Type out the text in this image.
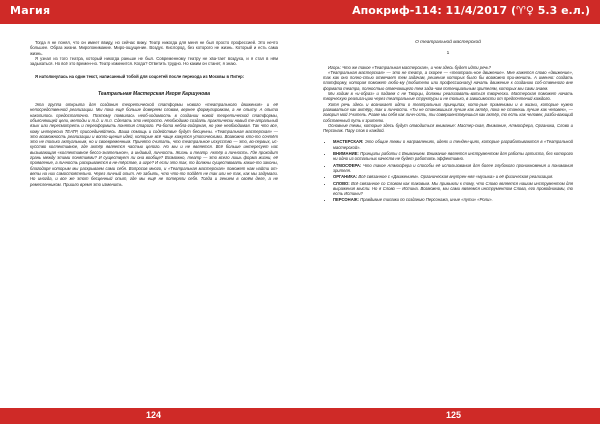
Магия	Апокриф-114: 11/4/2017 (♈♀ 5.3 е.л.)

Тогда я не понял, что он имеет ввиду, но сейчас вижу. Театр никогда для меня не был просто профессией. Это нечто большее. Образ жизни. Миропонимание. Миро-ощущение. Воздух. Кислород, без которого не жизнь. Который и есть сама жизнь.

Я узнал из того театра, который никогда раньше не был. Современному театру не хва-тает воздуха, и я стал в нём задыхаться. Но всё это времен-но. Театр изменится. Когда? Ответить трудно. Но каким он станет, я знаю.

Я натолкнулась на один текст, написанный тобой для соцсетей после перехода из Москвы в Питер:

Театральная Мастерская Игоря Каршунова

Эта группа открыта для создания теоретической платформы нового «театрального движения» и её непосредственной реализации. Мы пока ещё больше доверяем словам, вернее формулировкам, а не опыту. А опыта накопилось предостаточно. Поэтому появилась необ-ходимость в создании новой теоретической платформы, объясняющей цели, методы и т.д. и т.п. Сделать это непросто. Необходимо создать практически новый те-атральный язык или пересмотреть и переоформить понятия старого. Ра-бота небла-годарная, но уже необходимая. Так что все, кому интересна ТЕАТР, присоединяйтесь. Ваша помощь и содействие будут бесценны. «Театральная мастерская» — это возможность реализации и вопло-щения идей, которые всё чаще кажутся утопическими. Возможно кто-то сочтёт это не только актуальным, но и своевременным. Принято считать, что театральное искусство — это, во-первых, ис-кусство коллективное, где актёр является частью целого. Но мы и не является. Всё больше интересует нас вызывающая «коллективное бессо-знательное», а индивид, личность. Жизнь и театр. Актёр и личность. Где проходит грань между этими понятиями? И существует ли она вообще? Возможно, театр — это всего лишь форма жизни, её проявление, а личность раскрывается в не-тёрстве, а игре? И если это так, то должны существовать какие-то законы, благодаря которым мы раскрываем сами себя. Вопросов много, и «Театральная мастерская» поможет нам найти от-веты на них самостоятельно. Через личный опыт. Не забыть, что что-то пойдёт не так или не так, как мы задумали. Но иногда, и все же этот бесценный опыт, где мы ещё не потеряли себя. Тогда и гением в своём деле, а не ремесленником. Пришло время это изменить.

О театральной мастерской
1

Игорь: Что же такое «Театральная мастерская», и чем здесь будет идти речь?

«Театральная мастерская» — это не театр, а скорее — «театраль-ное движение». Мне кажется слово «движение», так как оно полно-стью отвечает тем задачам, решение которых было бы возможно при-менить. А именно: создать платформу, которая поможет любо-му (любителю или профессионалу) начать движение к созданию соб-ственного вне формата театра, полностью отвечающего тем зада-чам потенциальным зрителям, которых мы сами знаем.

Мы ходим в «и-образ» и падаем с не Творцы, должны реализовать-ваться творчески. Мастерская поможет начать творческую реализа-цию через театральные структуры и не только, в зависимости от предпочтений каждого.

Хотя речь здесь и возникает идти о театральных принципах, кото-рые применимы и в жизни, которые нужно развиваться как актёру, так и личности. «Ты не становишься лучше как актёр, пока не станешь лучше как человек», — говорил мой Учитель. Разве мы себя как личн-ость, ты совершенствуешься как актёр, то есть как человек, разби-вающий собственный путь к зрителю.

Основные темы, которые здесь будут отводиться внимание: Мастер-ская, Внимание, Атмосфера, Органика, Слово и Персонаж. Пару слов о каждой.

• МАСТЕРСКАЯ: Это общие темы о направлениях, идеях и тенден-циях, которые разрабатываются в «Театральной мастерской».
• ВНИМАНИЕ: Принципы работы с Вниманием. Внимание является инструментом для работы артиста, без которого ни одно из остальных качеств не будет работать эффективно.
• АТМОСФЕРА: Что такое Атмосфера и способы её использования для более глубокого проникновения и понимания зрителя.
• ОРГАНИКА: Всё связанное с «Движением». Органическая внутрен-няя «музыка» и её физическая реализация.
• СЛОВО: Всё связанное со Словом как таковым. Мы привыкли к тому, что Слово является нашим инструментом для выражения мысли. Но я Слово — Истина. Возможно, мы сами являемся инструментом Слова, его проводниками, то есть Истины?
• ПЕРСОНАЖ: Правдивые типажи по созданию Персонажа, иные «пути» «Роли».
124	125
